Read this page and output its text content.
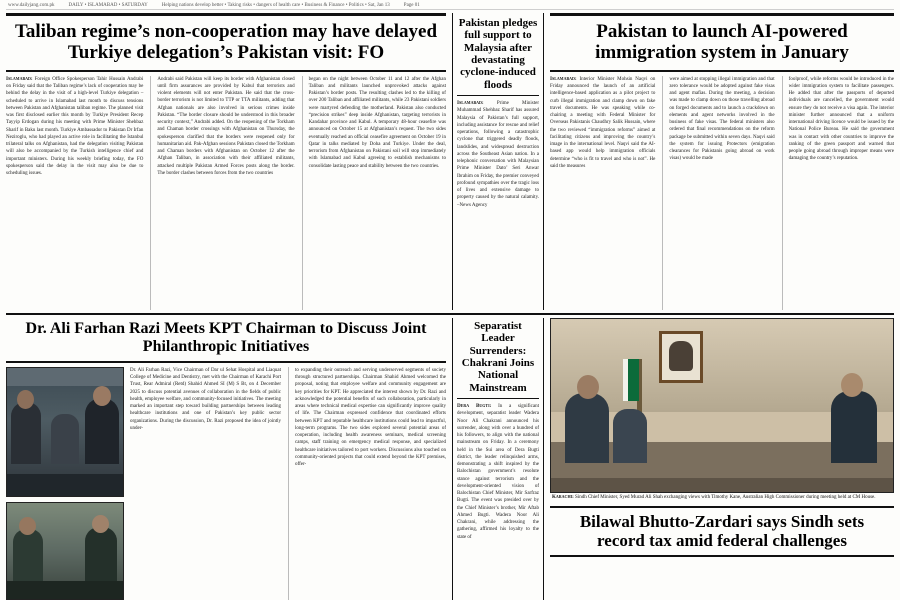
www.dailyjang.com.pk	DAILY • ISLAMABAD • SATURDAY	Helping nations develop better • Taking risks • dangers of health care • Business & Finance • Politics • Sat, Jan 13	Page 01
Taliban regime’s non-cooperation may have delayed Turkiye delegation’s Pakistan visit: FO
Islamabad: Foreign Office Spokesperson Tahir Hussain Andrabi on Friday said that the Taliban regime’s lack of cooperation may be behind the delay in the visit of a high-level Turkiye delegation – scheduled to arrive in Islamabad last month to discuss tensions between Pakistan and Afghanistan taliban regime. The planned visit was first disclosed earlier this month by Turkiye President Recep Tayyip Erdogan during his meeting with Prime Minister Shehbaz Sharif in Baku last month. Turkiye Ambassador to Pakistan Dr Irfan Neziroglu, who had played an active role in facilitating the Istanbul trilateral talks on Afghanistan, had the delegation visiting Pakistan will also be accompanied by the Turkish intelligence chief and important ministers. During his weekly briefing today, the FO spokesperson said the delay in the visit may also be due to scheduling issues.
Andrabi said Pakistan will keep its border with Afghanistan closed until firm assurances are provided by Kabul that terrorists and violent elements will not enter Pakistan. He said that the cross-border terrorism is not limited to TTP or TTA militants, adding that Afghan nationals are also involved in serious crimes inside Pakistan. “The border closure should be understood in this broader security context,” Andrabi added. On the reopening of the Torkham and Chaman border crossings with Afghanistan on Thursday, the spokesperson clarified that the borders were reopened only for humanitarian aid. Pak-Afghan sessions Pakistan closed the Torkham and Chaman borders with Afghanistan on October 12 after the Afghan Taliban, in association with their affiliated militants, attacked multiple Pakistan Armed Forces posts along the border. The border clashes between forces from the two countries
began on the night between October 11 and 12 after the Afghan Taliban and militants launched unprovoked attacks against Pakistan’s border posts. The resulting clashes led to the killing of over 200 Taliban and affiliated militants, while 23 Pakistani soldiers were martyred defending the motherland. Pakistan also conducted “precision strikes” deep inside Afghanistan, targeting terrorists in Kandahar province and Kabul. A temporary 48-hour ceasefire was announced on October 15 at Afghanistan’s request. The two sides eventually reached an official ceasefire agreement on October 19 in Qatar in talks mediated by Doha and Turkiye. Under the deal, terrorism from Afghanistan on Pakistani soil will stop immediately with Islamabad and Kabul agreeing to establish mechanisms to consolidate lasting peace and stability between the two countries.
Pakistan pledges full support to Malaysia after devastating cyclone-induced floods
Islamabad:	Prime Minister Muhammad Shehbaz Sharif has assured Malaysia of Pakistan’s full support, including assistance for rescue and relief operations, following a catastrophic cyclone that triggered deadly floods, landslides, and widespread destruction across the Southeast Asian nation. In a telephonic conversation with Malaysian Prime Minister Dato’ Seri Anwar Ibrahim on Friday, the premier conveyed profound sympathies over the tragic loss of lives and extensive damage to property caused by the natural calamity. –News Agency
Pakistan to launch AI-powered immigration system in January
Islamabad: Interior Minister Mohsin Naqvi on Friday announced the launch of an artificial intelligence-based application as a pilot project to curb illegal immigration and clamp down on fake travel documents. He was speaking while co-chairing a meeting with Federal Minister for Overseas Pakistanis Chaudhry Salik Hussain, where the two reviewed “immigration reforms” aimed at facilitating citizens and improving the country’s image in the international level. Naqvi said the AI-based app would help immigration officials determine “who is fit to travel and who is not”. He said the measures
were aimed at stopping illegal immigration and that zero tolerance would be adopted against fake visas and agent mafias. During the meeting, a decision was made to clamp down on those travelling abroad on forged documents and to launch a crackdown on elements and agent networks involved in the business of fake visas. The federal ministers also ordered that final recommendations on the reform package be submitted within seven days. Naqvi said the system for issuing Protectors (emigration clearances for Pakistanis going abroad on work visas) would be made
foolproof, while reforms would be introduced in the wider immigration system to facilitate passengers. He added that after the passports of deported individuals are cancelled, the government would ensure they do not receive a visa again. The interior minister further announced that a uniform international driving licence would be issued by the National Police Bureau. He said the government was in contact with other countries to improve the ranking of the green passport and warned that people going abroad through improper means were damaging the country’s reputation.
Dr. Ali Farhan Razi Meets KPT Chairman to Discuss Joint Philanthropic Initiatives
Dr. Ali Farhan Razi, Vice Chairman of Dar ul Sehat Hospital and Liaquat College of Medicine and Dentistry, met with the Chairman of Karachi Port Trust, Rear Admiral (Retd) Shahid Ahmed SI (M) S Bt, on 4 December 2025 to discuss potential avenues of collaboration in the fields of public health, employee welfare, and community-focused initiatives. The meeting marked an important step toward building partnerships between leading healthcare institutions and one of Pakistan’s key public sector organizations. During the discussion, Dr. Razi proposed the idea of jointly under-
to expanding their outreach and serving underserved segments of society through structured partnerships. Chairman Shahid Ahmed welcomed the proposal, noting that employee welfare and community engagement are key priorities for KPT. He appreciated the interest shown by Dr. Razi and acknowledged the potential benefits of such collaboration, particularly in areas where technical medical expertise can significantly improve quality of life. The Chairman expressed confidence that coordinated efforts between KPT and reputable healthcare institutions could lead to impactful, long-term programs. The two sides explored several potential areas of cooperation, including health awareness seminars, medical screening camps, staff training on emergency medical response, and specialized healthcare initiatives tailored to port workers. Discussions also touched on community-oriented projects that could extend beyond the KPT premises, offer-
Separatist Leader Surrenders: Chakrani Joins National Mainstream
Dera Bugti: In a significant development, separatist leader Wadera Noor Ali Chakrani announced his surrender, along with over a hundred of his followers, to align with the national mainstream on Friday. In a ceremony held in the Sui area of Dera Bugti district, the leader relinquished arms, demonstrating a shift inspired by the Balochistan government’s resolute stance against terrorism and the development-oriented vision of Balochistan Chief Minister, Mir Sarfraz Bugti. The event was presided over by the Chief Minister’s brother, Mir Aftab Ahmed Bugti. Wadera Noor Ali Chakrani, while addressing the gathering, affirmed his loyalty to the state of
Karachi: Sindh Chief Minister, Syed Murad Ali Shah exchanging views with Timothy Kane, Australian High Commissioner during meeting held at CM House.
Bilawal Bhutto-Zardari says Sindh sets record tax amid federal challenges
